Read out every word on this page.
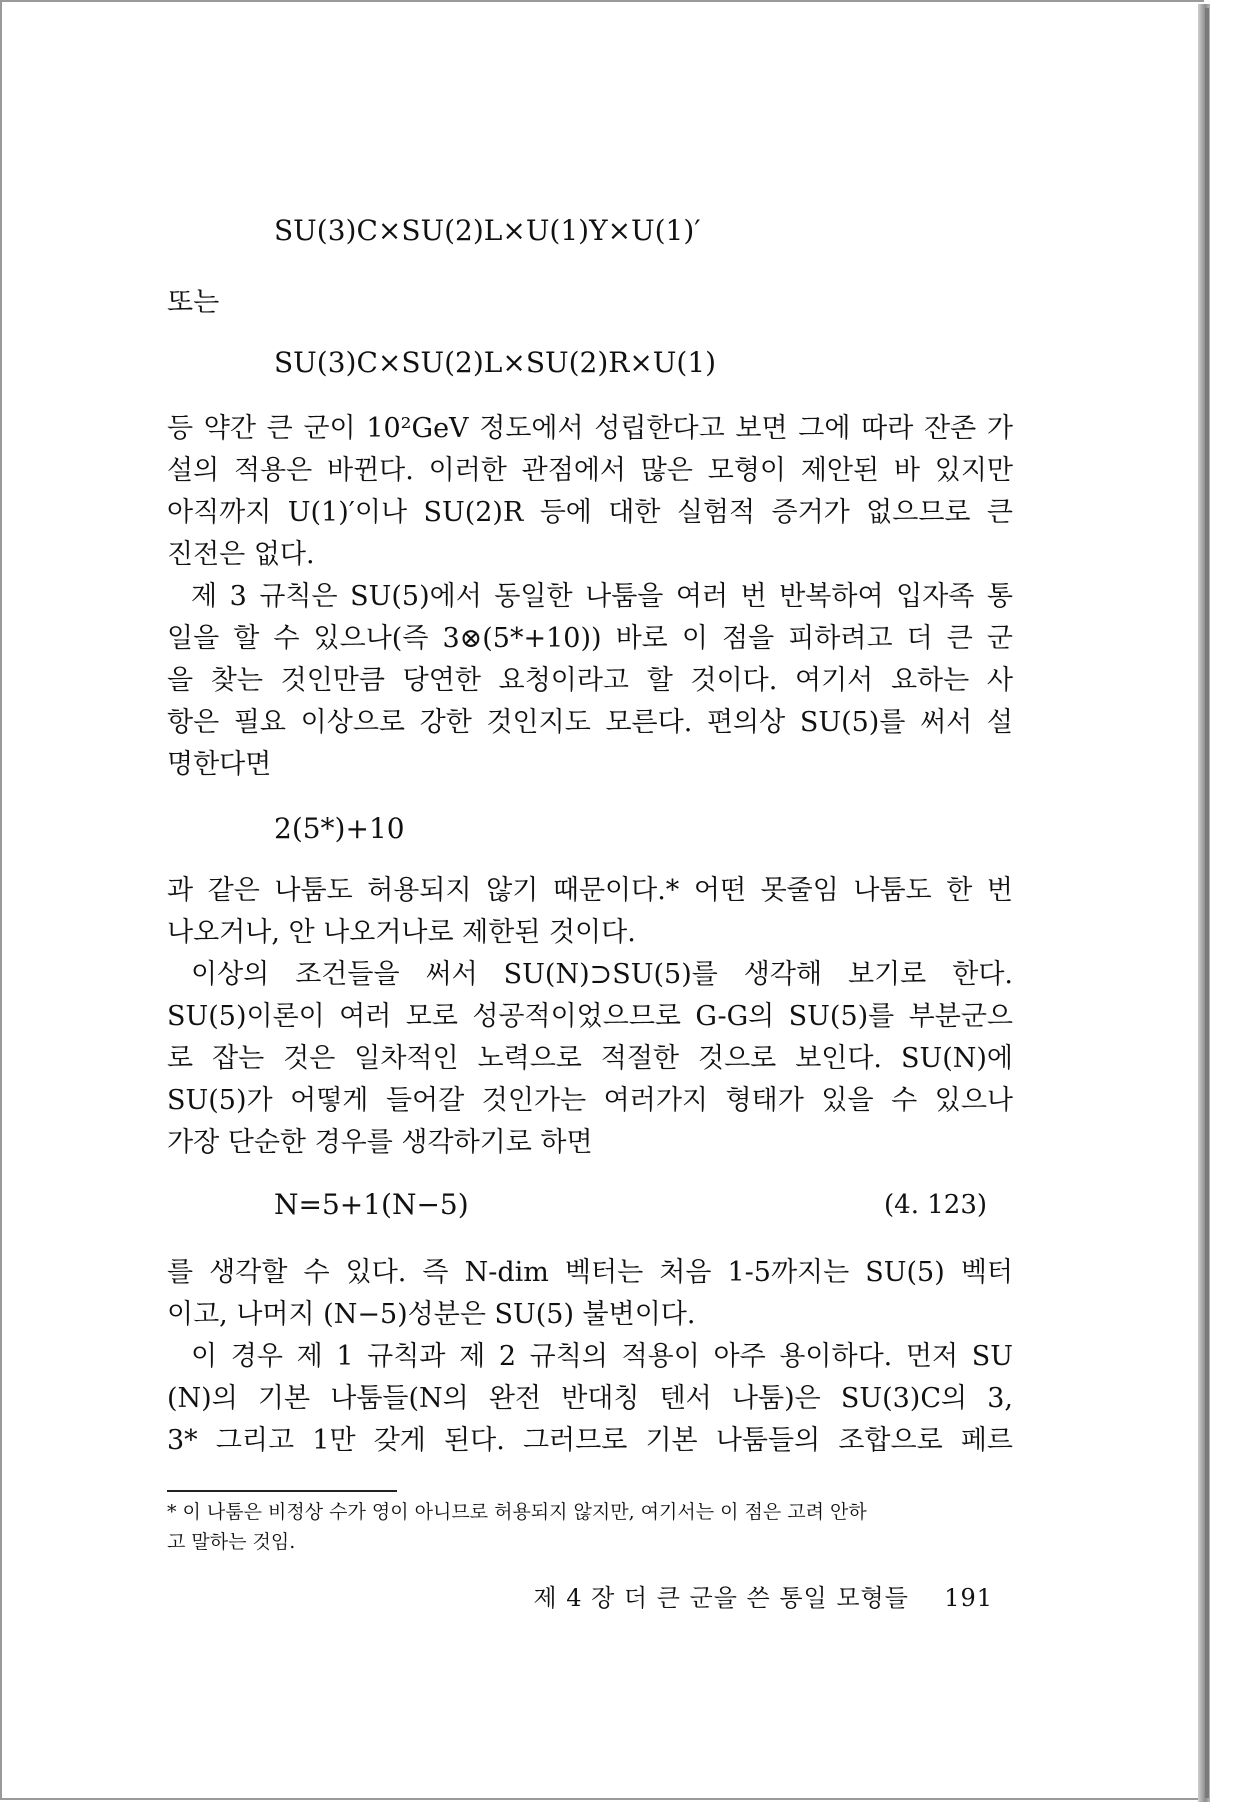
SU(3)C×SU(2)L×U(1)Y×U(1)′
또는
SU(3)C×SU(2)L×SU(2)R×U(1)
등 약간 큰 군이 10²GeV 정도에서 성립한다고 보면 그에 따라 잔존 가
설의 적용은 바뀐다. 이러한 관점에서 많은 모형이 제안된 바 있지만
아직까지 U(1)′이나 SU(2)R 등에 대한 실험적 증거가 없으므로 큰
진전은 없다.
제 3 규칙은 SU(5)에서 동일한 나툼을 여러 번 반복하여 입자족 통
일을 할 수 있으나(즉 3⊗(5*+10)) 바로 이 점을 피하려고 더 큰 군
을 찾는 것인만큼 당연한 요청이라고 할 것이다. 여기서 요하는 사
항은 필요 이상으로 강한 것인지도 모른다. 편의상 SU(5)를 써서 설
명한다면
2(5*)+10
과 같은 나툼도 허용되지 않기 때문이다.* 어떤 못줄임 나툼도 한 번
나오거나, 안 나오거나로 제한된 것이다.
이상의 조건들을 써서 SU(N)⊃SU(5)를 생각해 보기로 한다.
SU(5)이론이 여러 모로 성공적이었으므로 G-G의 SU(5)를 부분군으
로 잡는 것은 일차적인 노력으로 적절한 것으로 보인다. SU(N)에
SU(5)가 어떻게 들어갈 것인가는 여러가지 형태가 있을 수 있으나
가장 단순한 경우를 생각하기로 하면
N=5+1(N−5)	(4. 123)
를 생각할 수 있다. 즉 N-dim 벡터는 처음 1-5까지는 SU(5) 벡터
이고, 나머지 (N−5)성분은 SU(5) 불변이다.
이 경우 제 1 규칙과 제 2 규칙의 적용이 아주 용이하다. 먼저 SU
(N)의 기본 나툼들(N의 완전 반대칭 텐서 나툼)은 SU(3)C의 3,
3* 그리고 1만 갖게 된다. 그러므로 기본 나툼들의 조합으로 페르
* 이 나툼은 비정상 수가 영이 아니므로 허용되지 않지만, 여기서는 이 점은 고려 안하
고 말하는 것임.
제 4 장 더 큰 군을 쓴 통일 모형들 191
